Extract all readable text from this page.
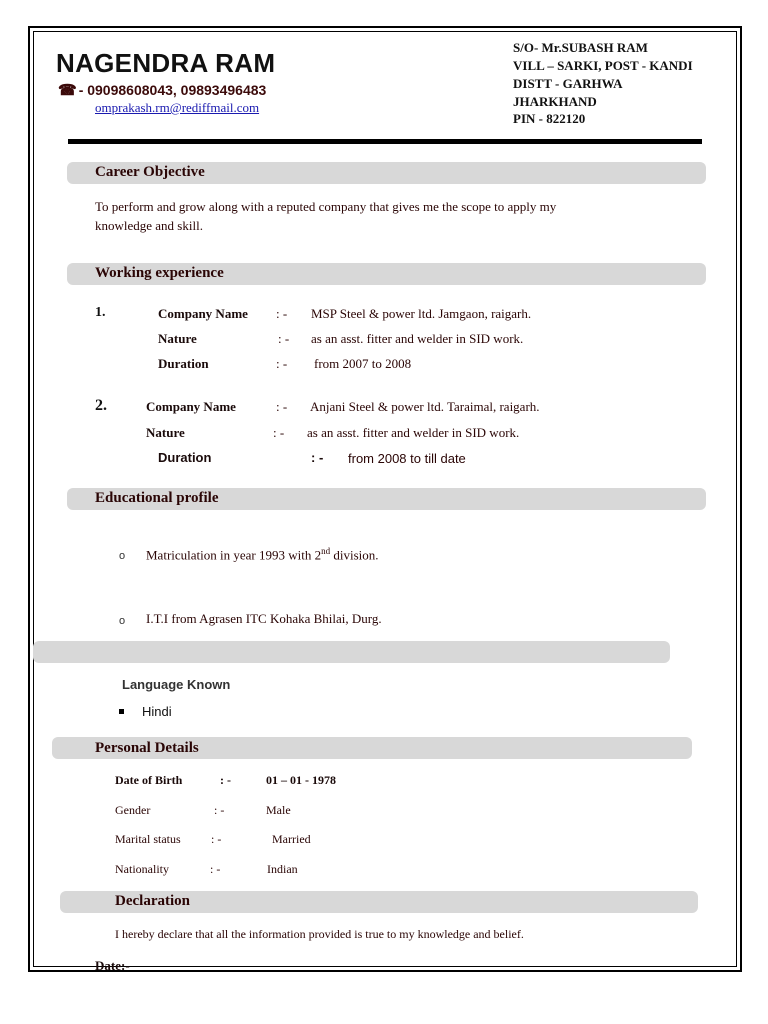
NAGENDRA RAM
☎ - 09098608043, 09893496483
omprakash.rm@rediffmail.com
S/O- Mr.SUBASH RAM
VILL – SARKI, POST - KANDI
DISTT - GARHWA
JHARKHAND
PIN - 822120
Career Objective
To perform and grow along with a reputed company that gives me the scope to apply my
knowledge and skill.
Working experience
1.	Company Name : - MSP Steel & power ltd. Jamgaon, raigarh.
Nature	: - as an asst. fitter and welder in SID work.
Duration	: - from 2007 to 2008
2.	Company Name	: - Anjani Steel & power ltd. Taraimal, raigarh.
Nature	: - as an asst. fitter and welder in SID work.
Duration	: - from 2008 to till date
Educational profile
o Matriculation in year 1993 with 2nd division.
o I.T.I from Agrasen ITC Kohaka Bhilai, Durg.
Language Known
Hindi
Personal Details
Date of Birth	: -	01 – 01 - 1978
Gender	: -	Male
Marital status	: -	Married
Nationality	: -	Indian
Declaration
I hereby declare that all the information provided is true to my knowledge and belief.
Date:-
